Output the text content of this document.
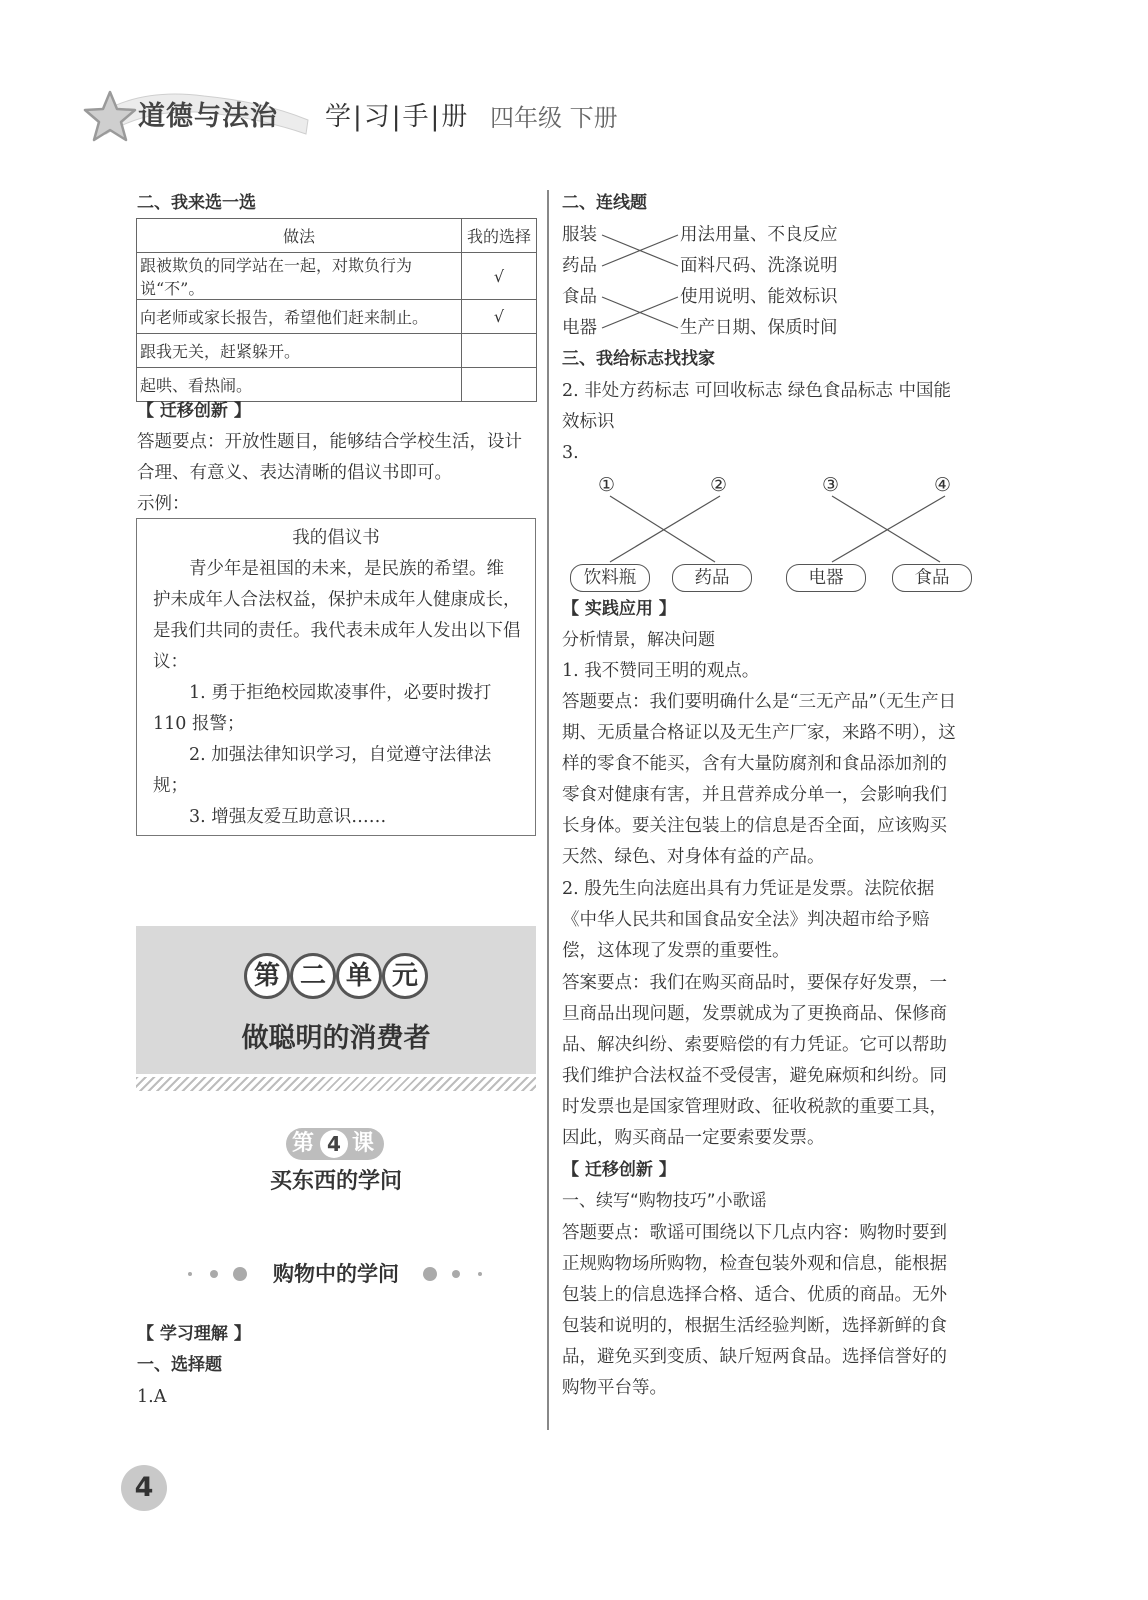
道德与法治 学|习|手|册 四年级 下册
二、我来选一选
做法	我的选择
跟被欺负的同学站在一起，对欺负行为说“不”。	√
向老师或家长报告，希望他们赶来制止。	√
跟我无关，赶紧躲开。	
起哄、看热闹。	
【 迁移创新 】
答题要点：开放性题目，能够结合学校生活，设计合理、有意义、表达清晰的倡议书即可。
示例：
我的倡议书
青少年是祖国的未来，是民族的希望。维护未成年人合法权益，保护未成年人健康成长，是我们共同的责任。我代表未成年人发出以下倡议：
1. 勇于拒绝校园欺凌事件，必要时拨打110 报警；
2. 加强法律知识学习，自觉遵守法律法规；
3. 增强友爱互助意识……
第 二 单 元
做聪明的消费者
第 4 课
买东西的学问
购物中的学问
【 学习理解 】
一、选择题
1.A
二、连线题
服装
药品
食品
电器
用法用量、不良反应
面料尺码、洗涤说明
使用说明、能效标识
生产日期、保质时间
三、我给标志找找家
2. 非处方药标志 可回收标志 绿色食品标志 中国能效标识
3.
①	②	③	④
饮料瓶	药品	电器	食品
【 实践应用 】
分析情景，解决问题
1. 我不赞同王明的观点。
答题要点：我们要明确什么是“三无产品”（无生产日期、无质量合格证以及无生产厂家，来路不明），这样的零食不能买，含有大量防腐剂和食品添加剂的零食对健康有害，并且营养成分单一，会影响我们长身体。要关注包装上的信息是否全面，应该购买天然、绿色、对身体有益的产品。
2. 殷先生向法庭出具有力凭证是发票。法院依据《中华人民共和国食品安全法》判决超市给予赔偿，这体现了发票的重要性。
答案要点：我们在购买商品时，要保存好发票，一旦商品出现问题，发票就成为了更换商品、保修商品、解决纠纷、索要赔偿的有力凭证。它可以帮助我们维护合法权益不受侵害，避免麻烦和纠纷。同时发票也是国家管理财政、征收税款的重要工具，因此，购买商品一定要索要发票。
【 迁移创新 】
一、续写“购物技巧”小歌谣
答题要点：歌谣可围绕以下几点内容：购物时要到正规购物场所购物，检查包装外观和信息，能根据包装上的信息选择合格、适合、优质的商品。无外包装和说明的，根据生活经验判断，选择新鲜的食品，避免买到变质、缺斤短两食品。选择信誉好的购物平台等。
4
